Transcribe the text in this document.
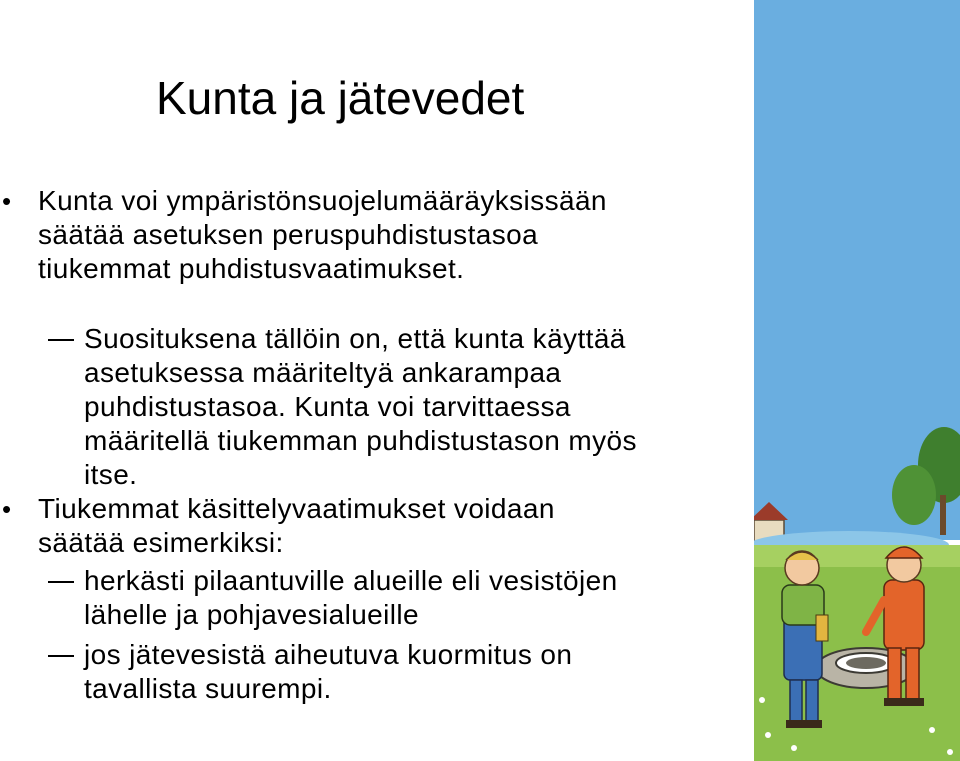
Kunta ja jätevedet
• Kunta voi ympäristönsuojelumääräyksissään säätää asetuksen peruspuhdistustasoa tiukemmat puhdistusvaatimukset.
Suosituksena tällöin on, että kunta käyttää asetuksessa määriteltyä ankarampaa puhdistustasoa. Kunta voi tarvittaessa määritellä tiukemman puhdistustason myös itse.
• Tiukemmat käsittelyvaatimukset voidaan säätää esimerkiksi:
herkästi pilaantuville alueille eli vesistöjen lähelle ja pohjavesialueille
jos jätevesistä aiheutuva kuormitus on tavallista suurempi.
